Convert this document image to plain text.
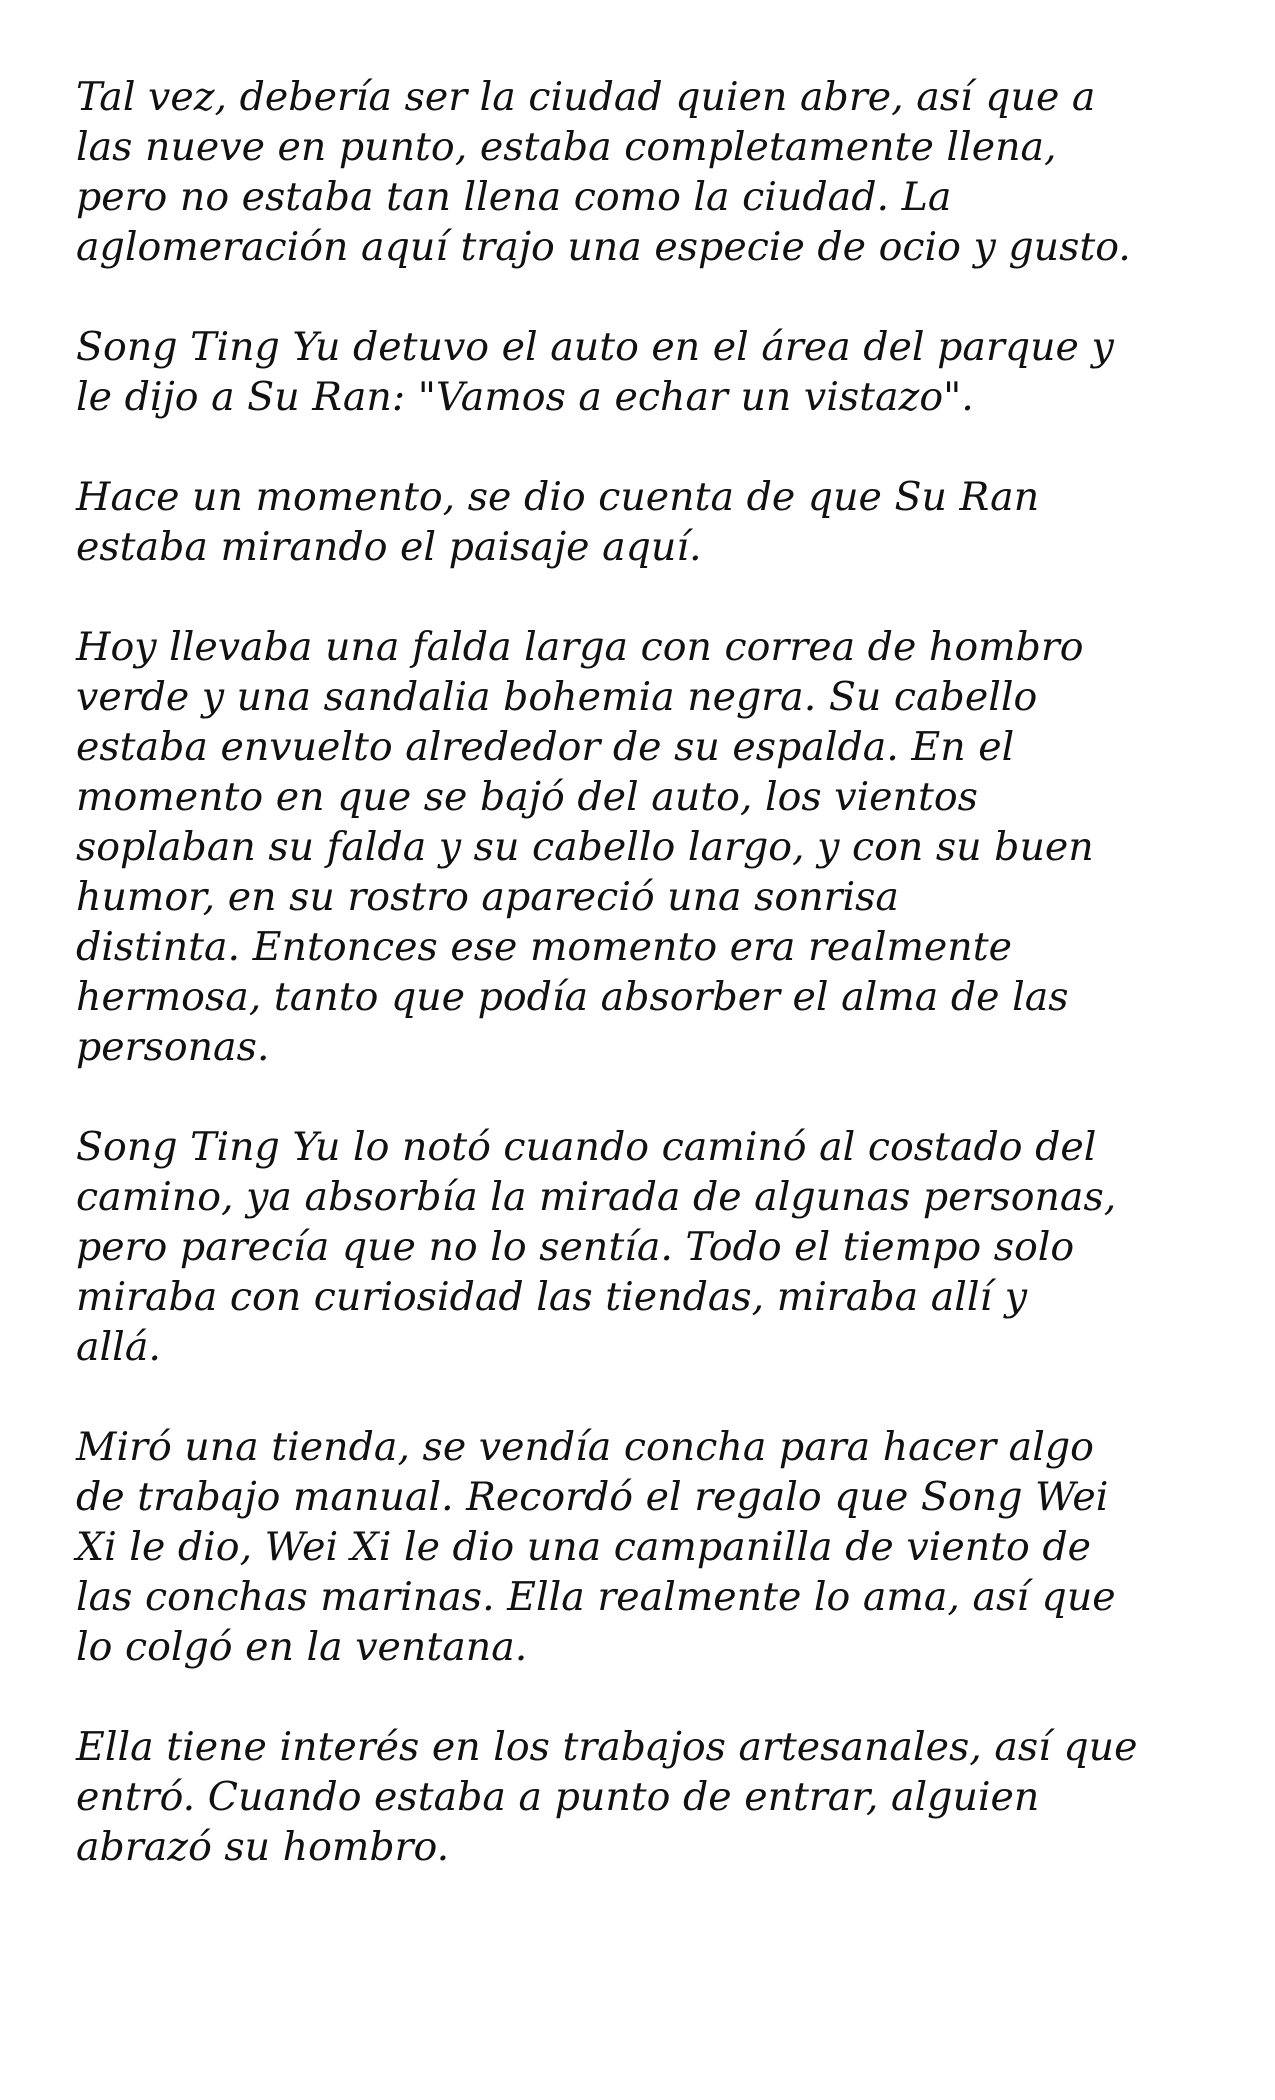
Tal vez, debería ser la ciudad quien abre, así que a
las nueve en punto, estaba completamente llena,
pero no estaba tan llena como la ciudad. La
aglomeración aquí trajo una especie de ocio y gusto.

Song Ting Yu detuvo el auto en el área del parque y
le dijo a Su Ran: "Vamos a echar un vistazo".

Hace un momento, se dio cuenta de que Su Ran
estaba mirando el paisaje aquí.

Hoy llevaba una falda larga con correa de hombro
verde y una sandalia bohemia negra. Su cabello
estaba envuelto alrededor de su espalda. En el
momento en que se bajó del auto, los vientos
soplaban su falda y su cabello largo, y con su buen
humor, en su rostro apareció una sonrisa
distinta. Entonces ese momento era realmente
hermosa, tanto que podía absorber el alma de las
personas.

Song Ting Yu lo notó cuando caminó al costado del
camino, ya absorbía la mirada de algunas personas,
pero parecía que no lo sentía. Todo el tiempo solo
miraba con curiosidad las tiendas, miraba allí y
allá.

Miró una tienda, se vendía concha para hacer algo
de trabajo manual. Recordó el regalo que Song Wei
Xi le dio, Wei Xi le dio una campanilla de viento de
las conchas marinas. Ella realmente lo ama, así que
lo colgó en la ventana.

Ella tiene interés en los trabajos artesanales, así que
entró. Cuando estaba a punto de entrar, alguien
abrazó su hombro.
